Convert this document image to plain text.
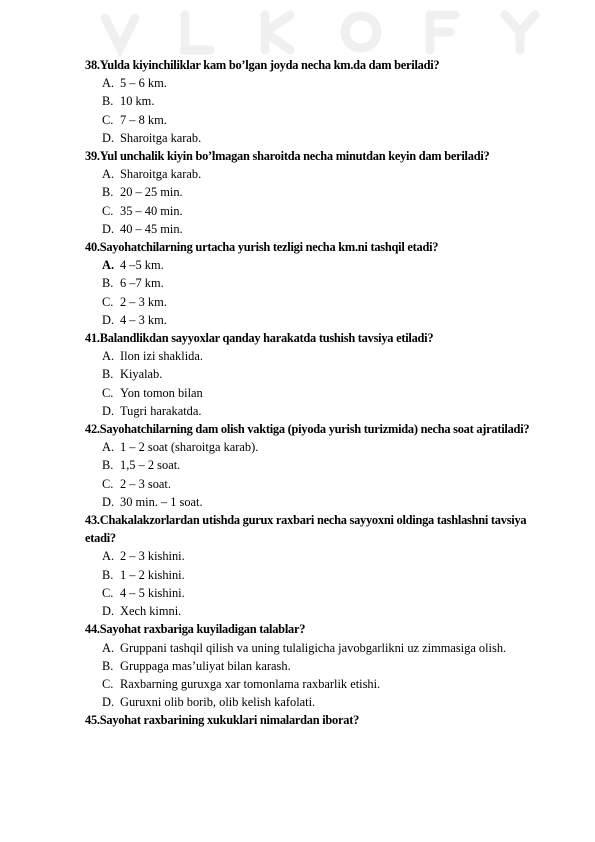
38.Yulda kiyinchiliklar kam bo’lgan joyda necha km.da dam beriladi?
A. 5 – 6 km.
B. 10 km.
C. 7 – 8 km.
D. Sharoitga karab.
39.Yul unchalik kiyin bo’lmagan sharoitda necha minutdan keyin dam beriladi?
A. Sharoitga karab.
B. 20 – 25 min.
C. 35 – 40 min.
D. 40 – 45 min.
40.Sayohatchilarning urtacha yurish tezligi necha km.ni tashqil etadi?
A. 4 –5 km.
B. 6 –7 km.
C. 2 – 3 km.
D. 4 – 3 km.
41.Balandlikdan sayyoxlar qanday harakatda tushish tavsiya etiladi?
A. Ilon izi shaklida.
B. Kiyalab.
C. Yon tomon bilan
D. Tugri harakatda.
42.Sayohatchilarning dam olish vaktiga (piyoda yurish turizmida) necha soat ajratiladi?
A. 1 – 2 soat (sharoitga karab).
B. 1,5 – 2 soat.
C. 2 – 3 soat.
D. 30 min. – 1 soat.
43.Chakalakzorlardan utishda gurux raxbari necha sayyoxni oldinga tashlashni tavsiya etadi?
A. 2 – 3 kishini.
B. 1 – 2 kishini.
C. 4 – 5 kishini.
D. Xech kimni.
44.Sayohat raxbariga kuyiladigan talablar?
A. Gruppani tashqil qilish va uning tulaligicha javobgarlikni uz zimmasiga olish.
B. Gruppaga mas’uliyat bilan karash.
C. Raxbarning guruxga xar tomonlama raxbarlik etishi.
D. Guruxni olib borib, olib kelish kafolati.
45.Sayohat raxbarining xukuklari nimalardan iborat?
